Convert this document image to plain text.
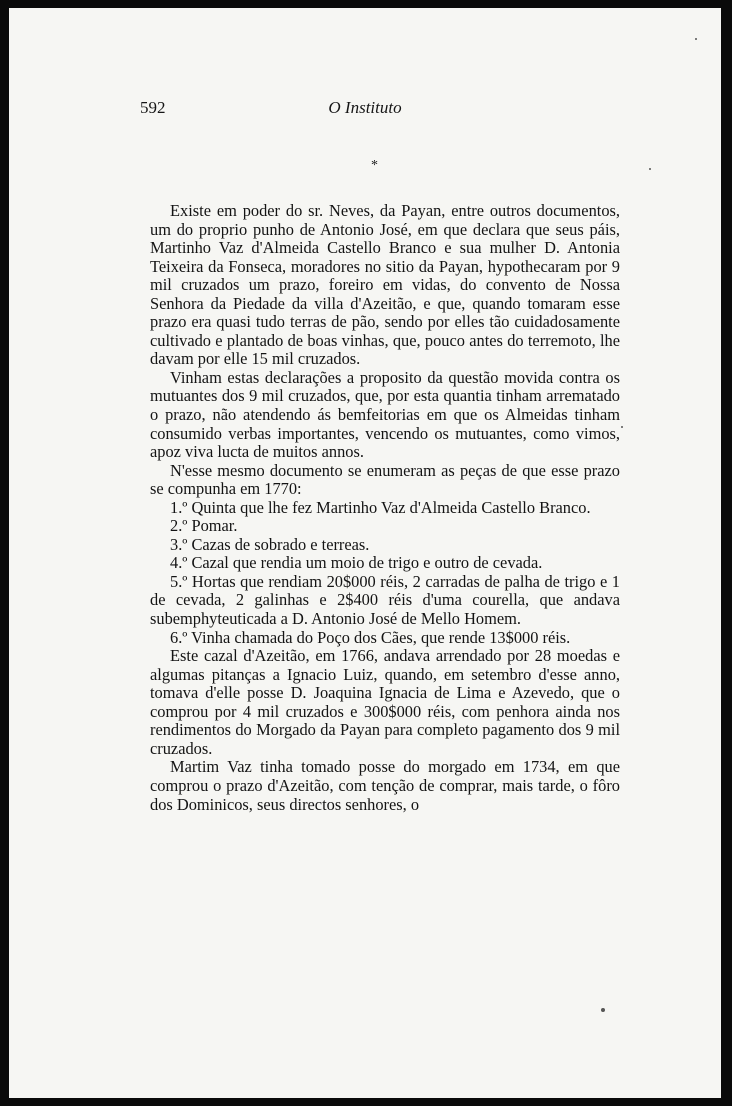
592	O Instituto
*

Existe em poder do sr. Neves, da Payan, entre outros documentos, um do proprio punho de Antonio José, em que declara que seus páis, Martinho Vaz d'Almeida Castello Branco e sua mulher D. Antonia Teixeira da Fonseca, moradores no sitio da Payan, hypothecaram por 9 mil cruzados um prazo, foreiro em vidas, do convento de Nossa Senhora da Piedade da villa d'Azeitão, e que, quando tomaram esse prazo era quasi tudo terras de pão, sendo por elles tão cuidadosamente cultivado e plantado de boas vinhas, que, pouco antes do terremoto, lhe davam por elle 15 mil cruzados.

Vinham estas declarações a proposito da questão movida contra os mutuantes dos 9 mil cruzados, que, por esta quantia tinham arrematado o prazo, não atendendo ás bemfeitorias em que os Almeidas tinham consumido verbas importantes, vencendo os mutuantes, como vimos, apoz viva lucta de muitos annos.

N'esse mesmo documento se enumeram as peças de que esse prazo se compunha em 1770:

1.º Quinta que lhe fez Martinho Vaz d'Almeida Castello Branco.

2.º Pomar.

3.º Cazas de sobrado e terreas.

4.º Cazal que rendia um moio de trigo e outro de cevada.

5.º Hortas que rendiam 20$000 réis, 2 carradas de palha de trigo e 1 de cevada, 2 galinhas e 2$400 réis d'uma courella, que andava subemphyteuticada a D. Antonio José de Mello Homem.

6.º Vinha chamada do Poço dos Cães, que rende 13$000 réis.

Este cazal d'Azeitão, em 1766, andava arrendado por 28 moedas e algumas pitanças a Ignacio Luiz, quando, em setembro d'esse anno, tomava d'elle posse D. Joaquina Ignacia de Lima e Azevedo, que o comprou por 4 mil cruzados e 300$000 réis, com penhora ainda nos rendimentos do Morgado da Payan para completo pagamento dos 9 mil cruzados.

Martim Vaz tinha tomado posse do morgado em 1734, em que comprou o prazo d'Azeitão, com tenção de comprar, mais tarde, o fôro dos Dominicos, seus directos senhores, o
